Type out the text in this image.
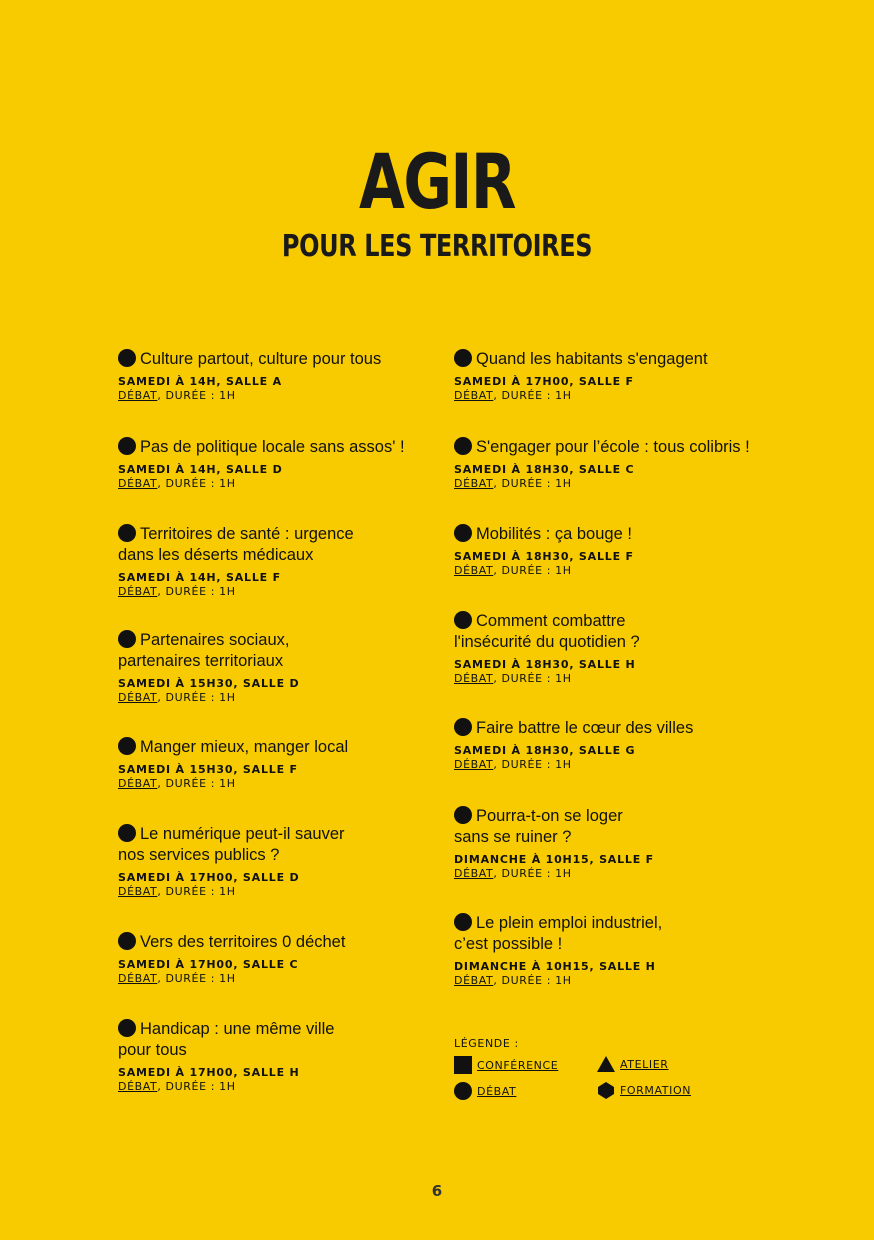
AGIR
POUR LES TERRITOIRES
Culture partout, culture pour tous
SAMEDI À 14H, SALLE A
DÉBAT, DURÉE : 1H
Pas de politique locale sans assos' !
SAMEDI À 14H, SALLE D
DÉBAT, DURÉE : 1H
Territoires de santé : urgence dans les déserts médicaux
SAMEDI À 14H, SALLE F
DÉBAT, DURÉE : 1H
Partenaires sociaux, partenaires territoriaux
SAMEDI À 15H30, SALLE D
DÉBAT, DURÉE : 1H
Manger mieux, manger local
SAMEDI À 15H30, SALLE F
DÉBAT, DURÉE : 1H
Le numérique peut-il sauver nos services publics ?
SAMEDI À 17H00, SALLE D
DÉBAT, DURÉE : 1H
Vers des territoires 0 déchet
SAMEDI À 17H00, SALLE C
DÉBAT, DURÉE : 1H
Handicap : une même ville pour tous
SAMEDI À 17H00, SALLE H
DÉBAT, DURÉE : 1H
Quand les habitants s'engagent
SAMEDI À 17H00, SALLE F
DÉBAT, DURÉE : 1H
S'engager pour l’école : tous colibris !
SAMEDI À 18H30, SALLE C
DÉBAT, DURÉE : 1H
Mobilités : ça bouge !
SAMEDI À 18H30, SALLE F
DÉBAT, DURÉE : 1H
Comment combattre l'insécurité du quotidien ?
SAMEDI À 18H30, SALLE H
DÉBAT, DURÉE : 1H
Faire battre le cœur des villes
SAMEDI À 18H30, SALLE G
DÉBAT, DURÉE : 1H
Pourra-t-on se loger sans se ruiner ?
DIMANCHE À 10H15, SALLE F
DÉBAT, DURÉE : 1H
Le plein emploi industriel, c’est possible !
DIMANCHE À 10H15, SALLE H
DÉBAT, DURÉE : 1H
LÉGENDE :
CONFÉRENCE	ATELIER
DÉBAT	FORMATION
6
